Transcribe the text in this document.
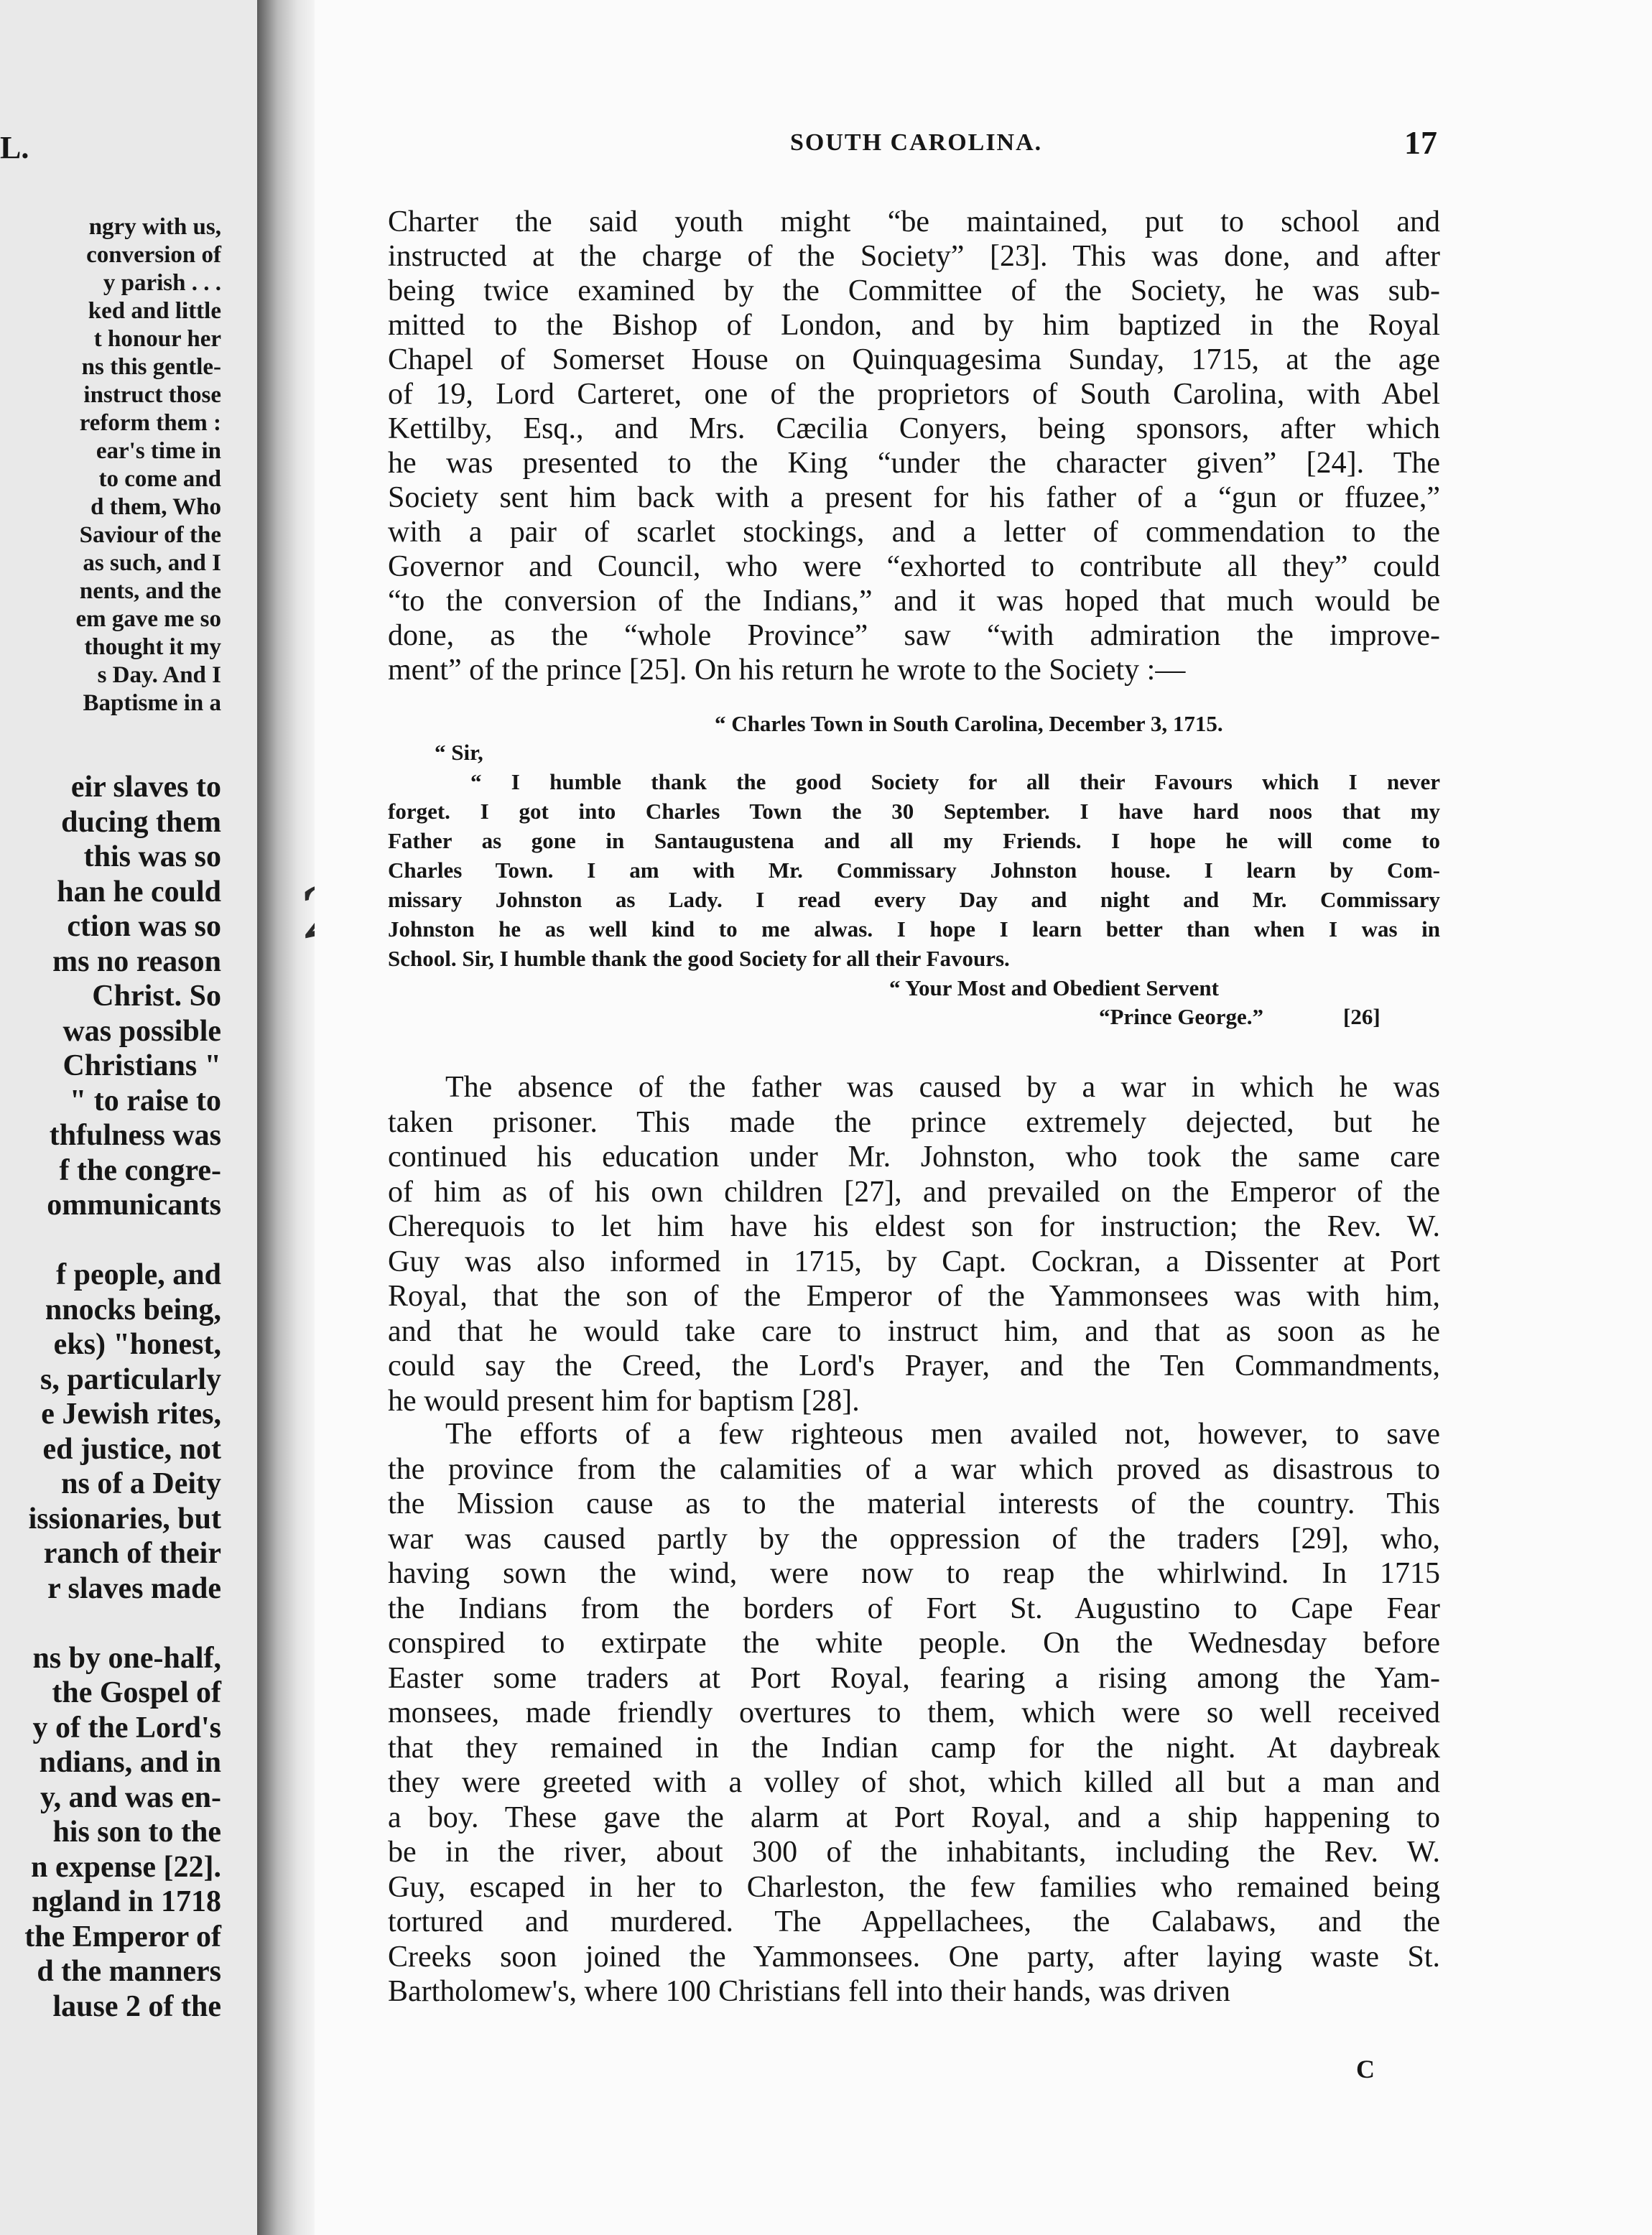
L.
ngry with us,
conversion of
y parish . . .
ked and little
t honour her
ns this gentle-
instruct those
reform them :
ear's time in
to come and
d them, Who
Saviour of the
as such, and I
nents, and the
em gave me so
thought it my
s Day. And I
Baptisme in a
eir slaves to
ducing them
this was so
han he could
ction was so
ms no reason
Christ. So
was possible
Christians "
" to raise to
thfulness was
f the congre-
ommunicants
f people, and
nnocks being,
eks) "honest,
s, particularly
e Jewish rites,
ed justice, not
ns of a Deity
issionaries, but
ranch of their
r slaves made
ns by one-half,
the Gospel of
y of the Lord's
ndians, and in
y, and was en-
his son to the
n expense [22].
ngland in 1718
the Emperor of
d the manners
lause 2 of the
SOUTH CAROLINA.	17

Charter the said youth might “be maintained, put to school and

instructed at the charge of the Society” [23]. This was done, and after

being twice examined by the Committee of the Society, he was sub-

mitted to the Bishop of London, and by him baptized in the Royal

Chapel of Somerset House on Quinquagesima Sunday, 1715, at the age

of 19, Lord Carteret, one of the proprietors of South Carolina, with Abel

Kettilby, Esq., and Mrs. Cæcilia Conyers, being sponsors, after which

he was presented to the King “under the character given” [24]. The

Society sent him back with a present for his father of a “gun or ffuzee,”

with a pair of scarlet stockings, and a letter of commendation to the

Governor and Council, who were “exhorted to contribute all they” could

“to the conversion of the Indians,” and it was hoped that much would be

done, as the “whole Province” saw “with admiration the improve-

ment” of the prince [25]. On his return he wrote to the Society :—

“ Charles Town in South Carolina, December 3, 1715.
“ Sir,

“ I humble thank the good Society for all their Favours which I never

forget. I got into Charles Town the 30 September. I have hard noos that my

Father as gone in Santaugustena and all my Friends. I hope he will come to

Charles Town. I am with Mr. Commissary Johnston house. I learn by Com-

missary Johnston as Lady. I read every Day and night and Mr. Commissary

Johnston he as well kind to me alwas. I hope I learn better than when I was in

School. Sir, I humble thank the good Society for all their Favours.

“ Your Most and Obedient Servent
“Prince George.”	[26]

The absence of the father was caused by a war in which he was

taken prisoner. This made the prince extremely dejected, but he

continued his education under Mr. Johnston, who took the same care

of him as of his own children [27], and prevailed on the Emperor of the

Cherequois to let him have his eldest son for instruction; the Rev. W.

Guy was also informed in 1715, by Capt. Cockran, a Dissenter at Port

Royal, that the son of the Emperor of the Yammonsees was with him,

and that he would take care to instruct him, and that as soon as he

could say the Creed, the Lord's Prayer, and the Ten Commandments,

he would present him for baptism [28].

The efforts of a few righteous men availed not, however, to save

the province from the calamities of a war which proved as disastrous to

the Mission cause as to the material interests of the country. This

war was caused partly by the oppression of the traders [29], who,

having sown the wind, were now to reap the whirlwind. In 1715

the Indians from the borders of Fort St. Augustino to Cape Fear

conspired to extirpate the white people. On the Wednesday before

Easter some traders at Port Royal, fearing a rising among the Yam-

monsees, made friendly overtures to them, which were so well received

that they remained in the Indian camp for the night. At daybreak

they were greeted with a volley of shot, which killed all but a man and

a boy. These gave the alarm at Port Royal, and a ship happening to

be in the river, about 300 of the inhabitants, including the Rev. W.

Guy, escaped in her to Charleston, the few families who remained being

tortured and murdered. The Appellachees, the Calabaws, and the

Creeks soon joined the Yammonsees. One party, after laying waste St.

Bartholomew's, where 100 Christians fell into their hands, was driven

C
